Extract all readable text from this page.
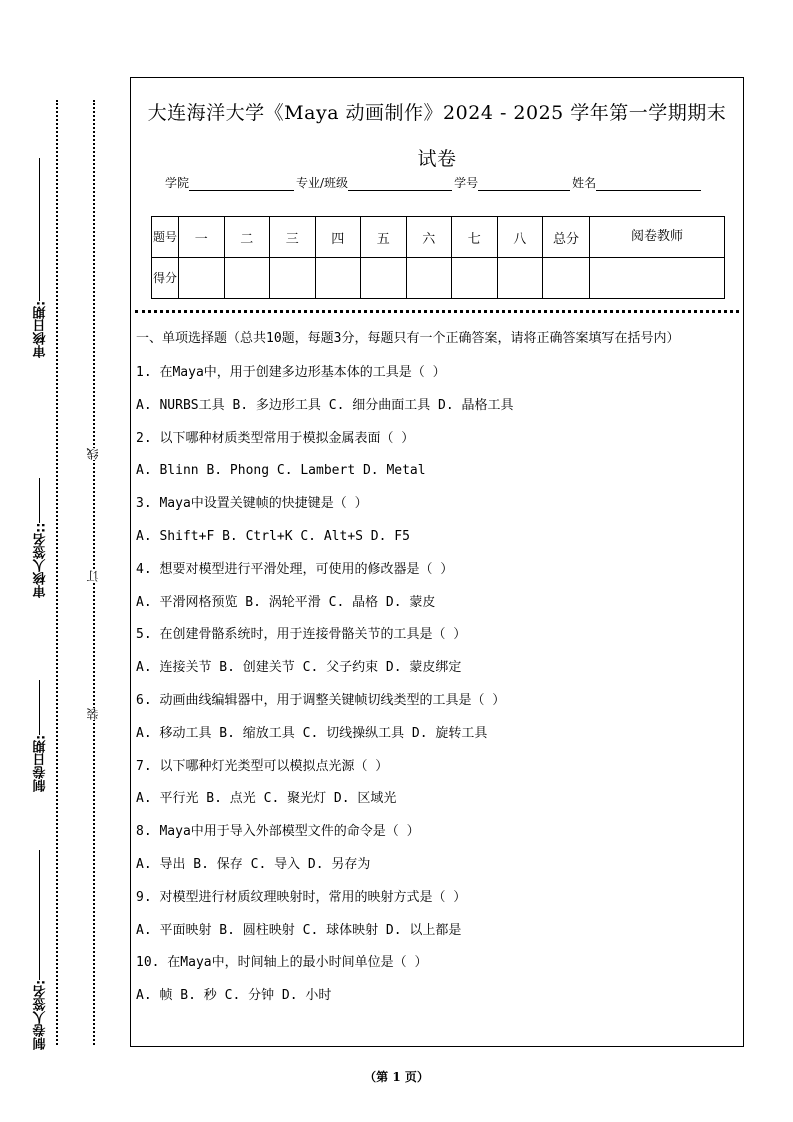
审核日期:
审核人签名::
制卷日期:
制卷人签名:
线
订
装
大连海洋大学《Maya 动画制作》2024 - 2025 学年第一学期期末
试卷
学院	专业/班级	学号	姓名
题号	一	二	三	四	五	六	七	八	总分	阅卷教师
得分										
一、单项选择题（总共10题，每题3分，每题只有一个正确答案，请将正确答案填写在括号内）
1. 在Maya中，用于创建多边形基本体的工具是（ ）
A. NURBS工具 B. 多边形工具 C. 细分曲面工具 D. 晶格工具
2. 以下哪种材质类型常用于模拟金属表面（ ）
A. Blinn B. Phong C. Lambert D. Metal
3. Maya中设置关键帧的快捷键是（ ）
A. Shift+F B. Ctrl+K C. Alt+S D. F5
4. 想要对模型进行平滑处理，可使用的修改器是（ ）
A. 平滑网格预览 B. 涡轮平滑 C. 晶格 D. 蒙皮
5. 在创建骨骼系统时，用于连接骨骼关节的工具是（ ）
A. 连接关节 B. 创建关节 C. 父子约束 D. 蒙皮绑定
6. 动画曲线编辑器中，用于调整关键帧切线类型的工具是（ ）
A. 移动工具 B. 缩放工具 C. 切线操纵工具 D. 旋转工具
7. 以下哪种灯光类型可以模拟点光源（ ）
A. 平行光 B. 点光 C. 聚光灯 D. 区域光
8. Maya中用于导入外部模型文件的命令是（ ）
A. 导出 B. 保存 C. 导入 D. 另存为
9. 对模型进行材质纹理映射时，常用的映射方式是（ ）
A. 平面映射 B. 圆柱映射 C. 球体映射 D. 以上都是
10. 在Maya中，时间轴上的最小时间单位是（ ）
A. 帧 B. 秒 C. 分钟 D. 小时
（第 1 页）
